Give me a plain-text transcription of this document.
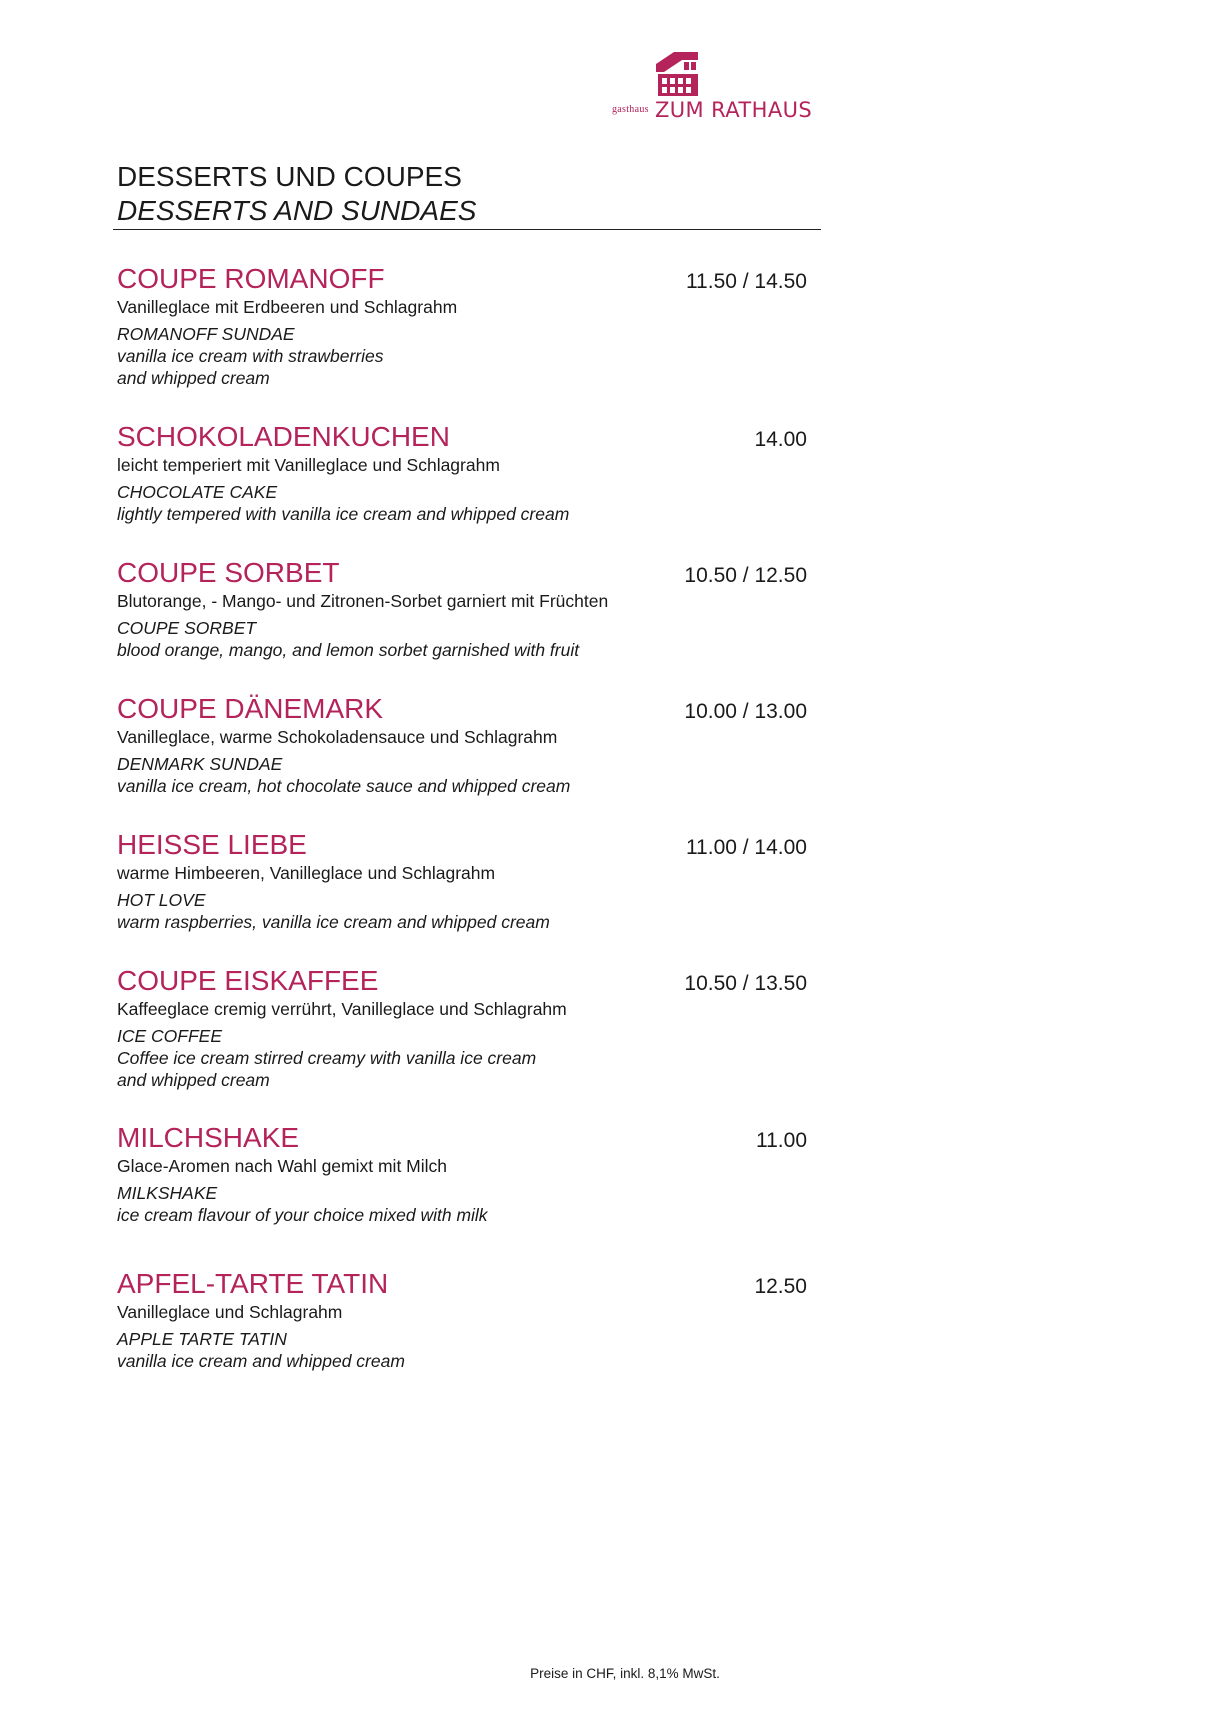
gasthaus ZUM RATHAUS
DESSERTS UND COUPES
DESSERTS AND SUNDAES
COUPE ROMANOFF	11.50 / 14.50
Vanilleglace mit Erdbeeren und Schlagrahm
ROMANOFF SUNDAE
vanilla ice cream with strawberries
and whipped cream
SCHOKOLADENKUCHEN	14.00
leicht temperiert mit Vanilleglace und Schlagrahm
CHOCOLATE CAKE
lightly tempered with vanilla ice cream and whipped cream
COUPE SORBET	10.50 / 12.50
Blutorange, - Mango- und Zitronen-Sorbet garniert mit Früchten
COUPE SORBET
blood orange, mango, and lemon sorbet garnished with fruit
COUPE DÄNEMARK	10.00 / 13.00
Vanilleglace, warme Schokoladensauce und Schlagrahm
DENMARK SUNDAE
vanilla ice cream, hot chocolate sauce and whipped cream
HEISSE LIEBE	11.00 / 14.00
warme Himbeeren, Vanilleglace und Schlagrahm
HOT LOVE
warm raspberries, vanilla ice cream and whipped cream
COUPE EISKAFFEE	10.50 / 13.50
Kaffeeglace cremig verrührt, Vanilleglace und Schlagrahm
ICE COFFEE
Coffee ice cream stirred creamy with vanilla ice cream
and whipped cream
MILCHSHAKE	11.00
Glace-Aromen nach Wahl gemixt mit Milch
MILKSHAKE
ice cream flavour of your choice mixed with milk
APFEL-TARTE TATIN	12.50
Vanilleglace und Schlagrahm
APPLE TARTE TATIN
vanilla ice cream and whipped cream
Preise in CHF, inkl. 8,1% MwSt.
